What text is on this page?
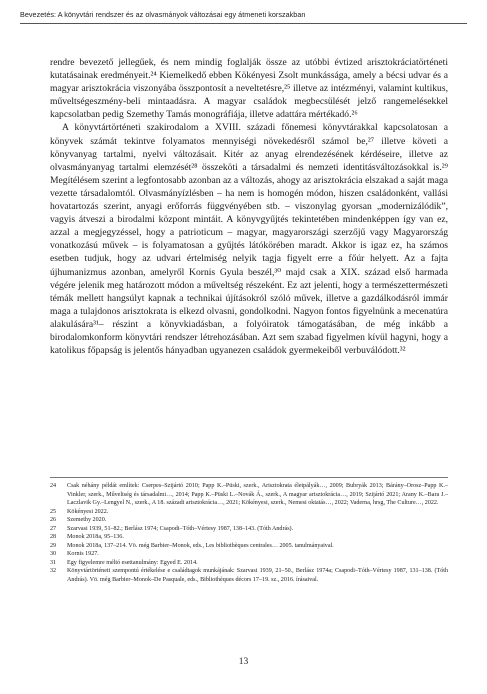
Bevezetés: A könyvtári rendszer és az olvasmányok változásai egy átmeneti korszakban

rendre bevezető jellegűek, és nem mindig foglalják össze az utóbbi évtized arisztokráciatörténeti kutatásainak eredményeit.²⁴ Kiemelkedő ebben Kökényesi Zsolt munkássága, amely a bécsi udvar és a magyar arisztokrácia viszonyába összpontosít a neveltetésre,²⁵ illetve az intézményi, valamint kultikus, műveltségeszmény-beli mintaadásra. A magyar családok megbecsülését jelző rangemelésekkel kapcsolatban pedig Szemethy Tamás monográfiája, illetve adattára mértékadó.²⁶

A könyvtártörténeti szakirodalom a XVIII. századi főnemesi könyvtárakkal kapcsolatosan a könyvek számát tekintve folyamatos mennyiségi növekedésről számol be,²⁷ illetve követi a könyvanyag tartalmi, nyelvi változásait. Kitér az anyag elrendezésének kérdéseire, illetve az olvasmányanyag tartalmi elemzését²⁸ összeköti a társadalmi és nemzeti identitásváltozásokkal is.²⁹ Megítélésem szerint a legfontosabb azonban az a változás, ahogy az arisztokrácia elszakad a saját maga vezette társadalomtól. Olvasmányízlésben – ha nem is homogén módon, hiszen családonként, vallási hovatartozás szerint, anyagi erőforrás függvényében stb. – viszonylag gyorsan „modernizálódik”, vagyis átveszi a birodalmi központ mintáit. A könyvgyűjtés tekintetében mindenképpen így van ez, azzal a megjegyzéssel, hogy a patrioticum – magyar, magyarországi szerzőjű vagy Magyarország vonatkozású művek – is folyamatosan a gyűjtés látókörében maradt. Akkor is igaz ez, ha számos esetben tudjuk, hogy az udvari értelmiség nelyik tagja figyelt erre a főúr helyett. Az a fajta újhumanizmus azonban, amelyről Kornis Gyula beszél,³⁰ majd csak a XIX. század első harmada végére jelenik meg határozott módon a műveltség részeként. Ez azt jelenti, hogy a természettermészeti témák mellett hangsúlyt kapnak a technikai újításokról szóló művek, illetve a gazdálkodásról immár maga a tulajdonos arisztokrata is elkezd olvasni, gondolkodni. Nagyon fontos figyelnünk a mecenatúra alakulására³¹– részint a könyvkiadásban, a folyóiratok támogatásában, de még inkább a birodalomkonform könyvtári rendszer létrehozásában. Azt sem szabad figyelmen kívül hagyni, hogy a katolikus főpapság is jelentős hányadban ugyanezen családok gyermekeiből verbuválódott.³²

24	Csak néhány példát említek: Cserpes–Szijártó 2010; Papp K.–Püski, szerk., Arisztokrata életpályák…, 2009; Bubryák 2013; Bárány–Orosz–Papp K.–Vinkler, szerk., Műveltség és társadalmi…, 2014; Papp K.–Püski L.–Novák Á., szerk., A magyar arisztokrácia…, 2019; Szijártó 2021; Arany K.–Bara J.–Laczlavik Gy.–Lengyel N., szerk., A 18. századi arisztokrácia…, 2021; Kökényesi, szerk., Nemesi oktatás…, 2022; Vaderna, hrsg, The Culture…, 2022.
25	Kökényesi 2022.
26	Szemethy 2020.
27	Szarvasi 1939, 51–82.; Berlász 1974; Csapodi–Tóth–Vértesy 1987, 138–143. (Tóth András).
28	Monok 2018a, 95–136.
29	Monok 2018a, 137–214. Vö. még Barbier–Monok, eds., Les bibliothèques centrales… 2005. tanulmányaival.
30	Kornis 1927.
31	Egy figyelemre méltó esettanulmány: Egyed E. 2014.
32	Könyvtártörténeti szempontú értékelése e családtagok munkájának: Szarvasi 1939, 21–50., Berlász 1974a; Csapodi–Tóth–Vértesy 1987, 131–138. (Tóth András). Vö. még Barbier–Monok–De Pasquale, eds., Bibliothèques décors 17–19. sz., 2016. írásaival.
13
